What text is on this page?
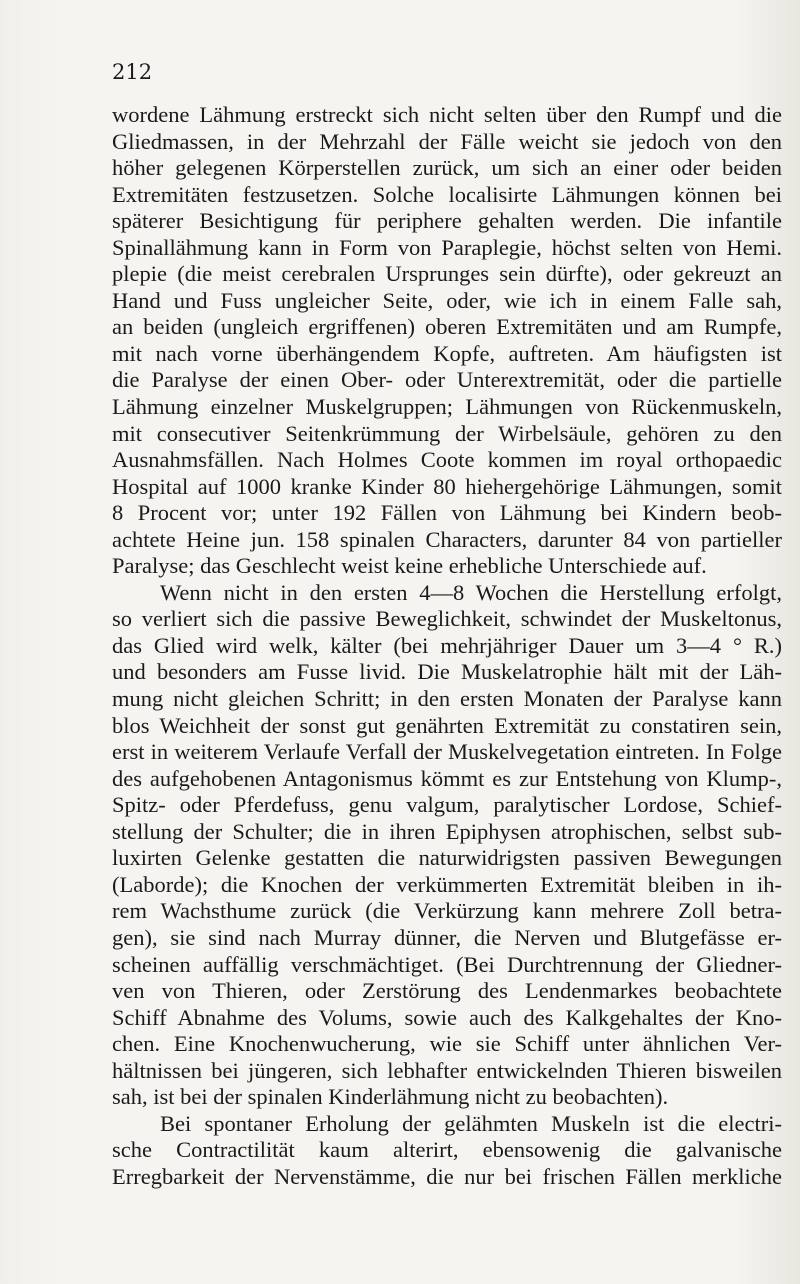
212

wordene Lähmung erstreckt sich nicht selten über den Rumpf und die
Gliedmassen, in der Mehrzahl der Fälle weicht sie jedoch von den
höher gelegenen Körperstellen zurück, um sich an einer oder beiden
Extremitäten festzusetzen. Solche localisirte Lähmungen können bei
späterer Besichtigung für periphere gehalten werden. Die infantile
Spinallähmung kann in Form von Paraplegie, höchst selten von Hemi.
plepie (die meist cerebralen Ursprunges sein dürfte), oder gekreuzt an
Hand und Fuss ungleicher Seite, oder, wie ich in einem Falle sah,
an beiden (ungleich ergriffenen) oberen Extremitäten und am Rumpfe,
mit nach vorne überhängendem Kopfe, auftreten. Am häufigsten ist
die Paralyse der einen Ober- oder Unterextremität, oder die partielle
Lähmung einzelner Muskelgruppen; Lähmungen von Rückenmuskeln,
mit consecutiver Seitenkrümmung der Wirbelsäule, gehören zu den
Ausnahmsfällen. Nach Holmes Coote kommen im royal orthopaedic
Hospital auf 1000 kranke Kinder 80 hiehergehörige Lähmungen, somit
8 Procent vor; unter 192 Fällen von Lähmung bei Kindern beob-
achtete Heine jun. 158 spinalen Characters, darunter 84 von partieller
Paralyse; das Geschlecht weist keine erhebliche Unterschiede auf.

Wenn nicht in den ersten 4—8 Wochen die Herstellung erfolgt,
so verliert sich die passive Beweglichkeit, schwindet der Muskeltonus,
das Glied wird welk, kälter (bei mehrjähriger Dauer um 3—4 ° R.)
und besonders am Fusse livid. Die Muskelatrophie hält mit der Läh-
mung nicht gleichen Schritt; in den ersten Monaten der Paralyse kann
blos Weichheit der sonst gut genährten Extremität zu constatiren sein,
erst in weiterem Verlaufe Verfall der Muskelvegetation eintreten. In Folge
des aufgehobenen Antagonismus kömmt es zur Entstehung von Klump-,
Spitz- oder Pferdefuss, genu valgum, paralytischer Lordose, Schief-
stellung der Schulter; die in ihren Epiphysen atrophischen, selbst sub-
luxirten Gelenke gestatten die naturwidrigsten passiven Bewegungen
(Laborde); die Knochen der verkümmerten Extremität bleiben in ih-
rem Wachsthume zurück (die Verkürzung kann mehrere Zoll betra-
gen), sie sind nach Murray dünner, die Nerven und Blutgefässe er-
scheinen auffällig verschmächtiget. (Bei Durchtrennung der Gliedner-
ven von Thieren, oder Zerstörung des Lendenmarkes beobachtete
Schiff Abnahme des Volums, sowie auch des Kalkgehaltes der Kno-
chen. Eine Knochenwucherung, wie sie Schiff unter ähnlichen Ver-
hältnissen bei jüngeren, sich lebhafter entwickelnden Thieren bisweilen
sah, ist bei der spinalen Kinderlähmung nicht zu beobachten).

Bei spontaner Erholung der gelähmten Muskeln ist die electri-
sche Contractilität kaum alterirt, ebensowenig die galvanische
Erregbarkeit der Nervenstämme, die nur bei frischen Fällen merkliche
